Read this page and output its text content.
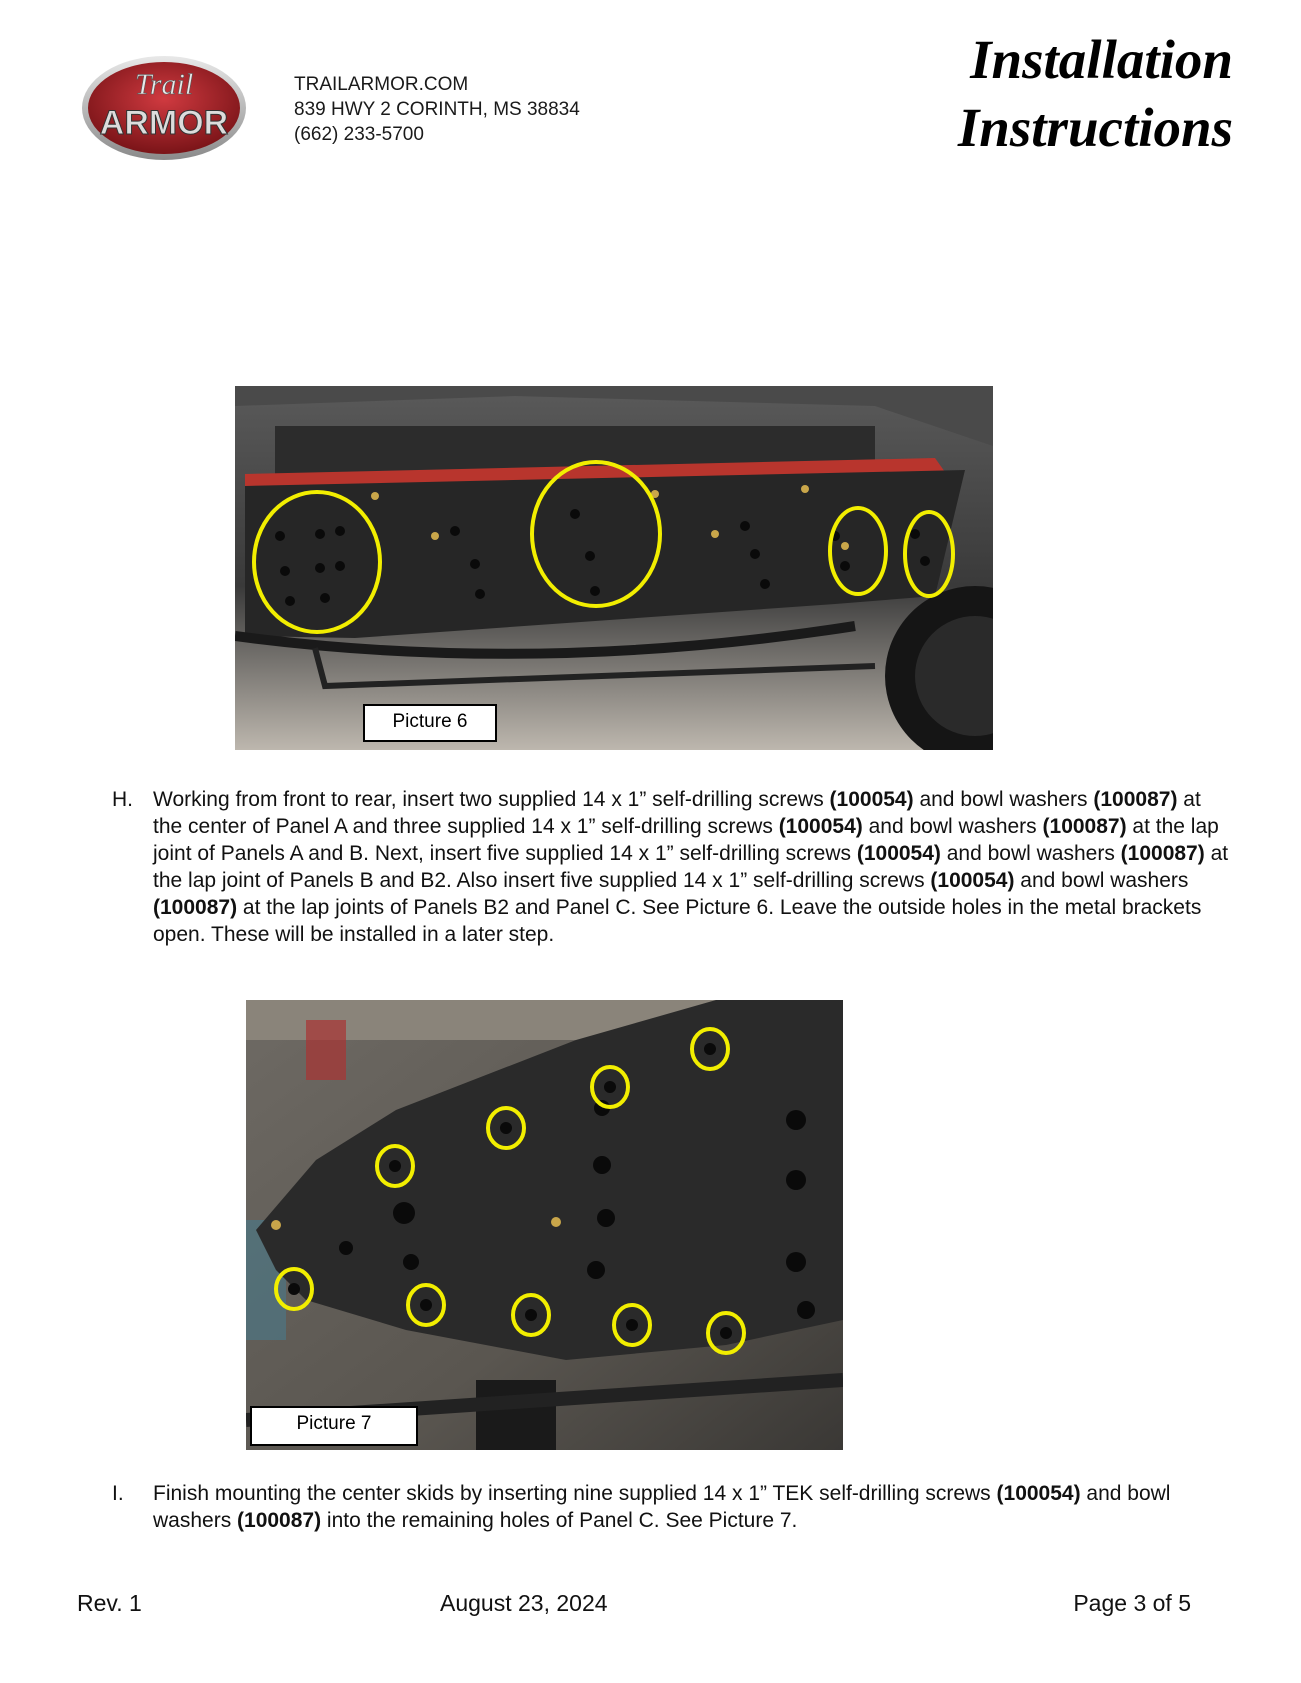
Trail
ARMOR
TRAILARMOR.COM
839 HWY 2 CORINTH, MS 38834
(662) 233-5700
Installation
Instructions
Picture 6
H. Working from front to rear, insert two supplied 14 x 1” self-drilling screws (100054) and bowl washers (100087) at the center of Panel A and three supplied 14 x 1” self-drilling screws (100054) and bowl washers (100087) at the lap joint of Panels A and B. Next, insert five supplied 14 x 1” self-drilling screws (100054) and bowl washers (100087) at the lap joint of Panels B and B2. Also insert five supplied 14 x 1” self-drilling screws (100054) and bowl washers (100087) at the lap joints of Panels B2 and Panel C. See Picture 6. Leave the outside holes in the metal brackets open. These will be installed in a later step.
Picture 7
I. Finish mounting the center skids by inserting nine supplied 14 x 1” TEK self-drilling screws (100054) and bowl washers (100087) into the remaining holes of Panel C. See Picture 7.
Rev. 1	August 23, 2024	Page 3 of 5
